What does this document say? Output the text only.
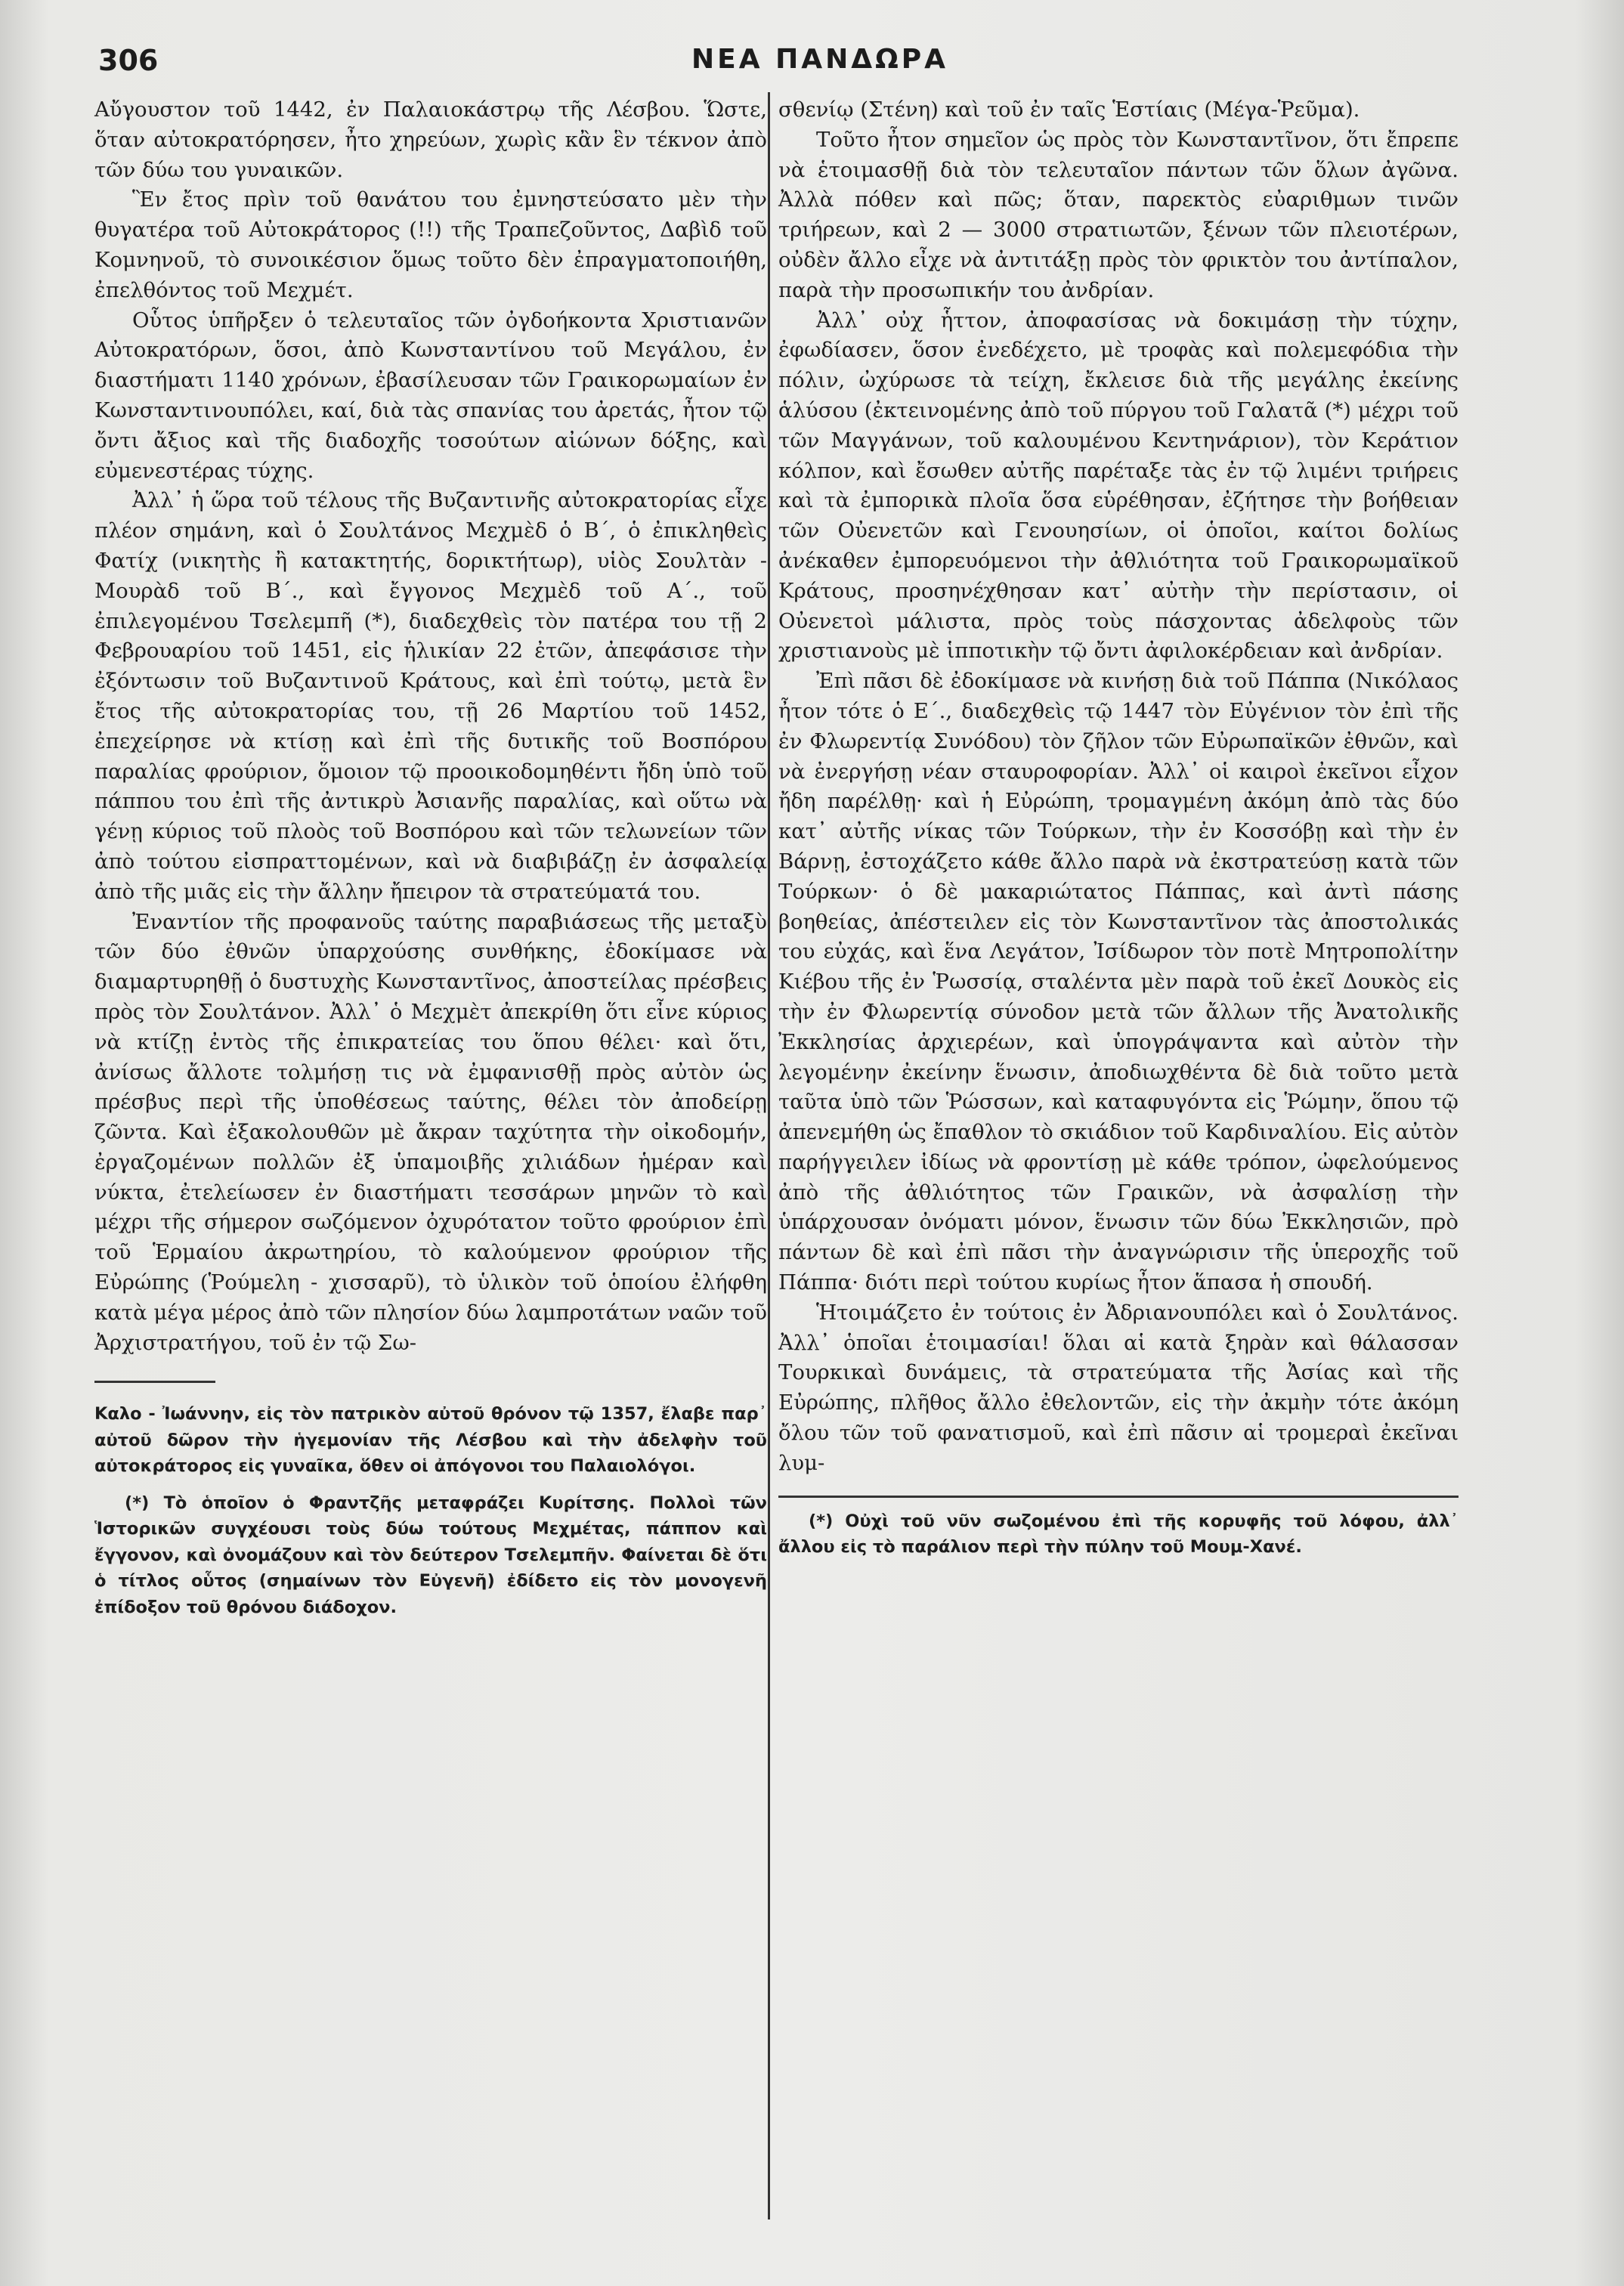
306	ΝΕΑ ΠΑΝΔΩΡΑ

Αὔγουστον τοῦ 1442, ἐν Παλαιοκάστρῳ τῆς Λέσβου. Ὥστε, ὅταν αὐτοκρατόρησεν, ἦτο χηρεύων, χωρὶς κἂν ἓν τέκνον ἀπὸ τῶν δύω του γυναικῶν.

Ἓν ἔτος πρὶν τοῦ θανάτου του ἐμνηστεύσατο μὲν τὴν θυγατέρα τοῦ Αὐτοκράτορος (!!) τῆς Τραπεζοῦντος, Δαβὶδ τοῦ Κομνηνοῦ, τὸ συνοικέσιον ὅμως τοῦτο δὲν ἐπραγματοποιήθη, ἐπελθόντος τοῦ Μεχμέτ.

Οὗτος ὑπῆρξεν ὁ τελευταῖος τῶν ὀγδοήκοντα Χριστιανῶν Αὐτοκρατόρων, ὅσοι, ἀπὸ Κωνσταντίνου τοῦ Μεγάλου, ἐν διαστήματι 1140 χρόνων, ἐβασίλευσαν τῶν Γραικορωμαίων ἐν Κωνσταντινουπόλει, καί, διὰ τὰς σπανίας του ἀρετάς, ἦτον τῷ ὄντι ἄξιος καὶ τῆς διαδοχῆς τοσούτων αἰώνων δόξης, καὶ εὐμενεστέρας τύχης.

Ἀλλ᾿ ἡ ὥρα τοῦ τέλους τῆς Βυζαντινῆς αὐτοκρατορίας εἶχε πλέον σημάνη, καὶ ὁ Σουλτάνος Μεχμὲδ ὁ Β΄, ὁ ἐπικληθεὶς Φατίχ (νικητὴς ἢ κατακτητής, δορικτήτωρ), υἱὸς Σουλτὰν - Μουρὰδ τοῦ Β΄., καὶ ἔγγονος Μεχμὲδ τοῦ Α΄., τοῦ ἐπιλεγομένου Τσελεμπῆ (*), διαδεχθεὶς τὸν πατέρα του τῇ 2 Φεβρουαρίου τοῦ 1451, εἰς ἡλικίαν 22 ἐτῶν, ἀπεφάσισε τὴν ἐξόντωσιν τοῦ Βυζαντινοῦ Κράτους, καὶ ἐπὶ τούτῳ, μετὰ ἓν ἔτος τῆς αὐτοκρατορίας του, τῇ 26 Μαρτίου τοῦ 1452, ἐπεχείρησε νὰ κτίσῃ καὶ ἐπὶ τῆς δυτικῆς τοῦ Βοσπόρου παραλίας φρούριον, ὅμοιον τῷ προοικοδομηθέντι ἤδη ὑπὸ τοῦ πάππου του ἐπὶ τῆς ἀντικρὺ Ἀσιανῆς παραλίας, καὶ οὕτω νὰ γένῃ κύριος τοῦ πλοὸς τοῦ Βοσπόρου καὶ τῶν τελωνείων τῶν ἀπὸ τούτου εἰσπραττομένων, καὶ νὰ διαβιβάζῃ ἐν ἀσφαλείᾳ ἀπὸ τῆς μιᾶς εἰς τὴν ἄλλην ἤπειρον τὰ στρατεύματά του.

Ἐναντίον τῆς προφανοῦς ταύτης παραβιάσεως τῆς μεταξὺ τῶν δύο ἐθνῶν ὑπαρχούσης συνθήκης, ἐδοκίμασε νὰ διαμαρτυρηθῇ ὁ δυστυχὴς Κωνσταντῖνος, ἀποστείλας πρέσβεις πρὸς τὸν Σουλτάνον. Ἀλλ᾿ ὁ Μεχμὲτ ἀπεκρίθη ὅτι εἶνε κύριος νὰ κτίζῃ ἐντὸς τῆς ἐπικρατείας του ὅπου θέλει· καὶ ὅτι, ἀνίσως ἄλλοτε τολμήσῃ τις νὰ ἐμφανισθῇ πρὸς αὐτὸν ὡς πρέσβυς περὶ τῆς ὑποθέσεως ταύτης, θέλει τὸν ἀποδείρῃ ζῶντα. Καὶ ἐξακολουθῶν μὲ ἄκραν ταχύτητα τὴν οἰκοδομήν, ἐργαζομένων πολλῶν ἐξ ὑπαμοιβῆς χιλιάδων ἡμέραν καὶ νύκτα, ἐτελείωσεν ἐν διαστήματι τεσσάρων μηνῶν τὸ καὶ μέχρι τῆς σήμερον σωζόμενον ὀχυρότατον τοῦτο φρούριον ἐπὶ τοῦ Ἑρμαίου ἀκρωτηρίου, τὸ καλούμενον φρούριον τῆς Εὐρώπης (Ῥούμελη - χισσαρῦ), τὸ ὑλικὸν τοῦ ὁποίου ἐλήφθη κατὰ μέγα μέρος ἀπὸ τῶν πλησίον δύω λαμπροτάτων ναῶν τοῦ Ἀρχιστρατήγου, τοῦ ἐν τῷ Σω-

Καλο - Ἰωάννην, εἰς τὸν πατρικὸν αὐτοῦ θρόνον τῷ 1357, ἔλαβε παρ᾿ αὐτοῦ δῶρον τὴν ἡγεμονίαν τῆς Λέσβου καὶ τὴν ἀδελφὴν τοῦ αὐτοκράτορος εἰς γυναῖκα, ὅθεν οἱ ἀπόγονοι του Παλαιολόγοι.

(*) Τὸ ὁποῖον ὁ Φραντζῆς μεταφράζει Κυρίτσης. Πολλοὶ τῶν Ἱστορικῶν συγχέουσι τοὺς δύω τούτους Μεχμέτας, πάππον καὶ ἔγγονον, καὶ ὀνομάζουν καὶ τὸν δεύτερον Τσελεμπῆν. Φαίνεται δὲ ὅτι ὁ τίτλος οὗτος (σημαίνων τὸν Εὐγενῆ) ἐδίδετο εἰς τὸν μονογενῆ ἐπίδοξον τοῦ θρόνου διάδοχον.

σθενίῳ (Στένη) καὶ τοῦ ἐν ταῖς Ἑστίαις (Μέγα-Ῥεῦμα).

Τοῦτο ἦτον σημεῖον ὡς πρὸς τὸν Κωνσταντῖνον, ὅτι ἔπρεπε νὰ ἑτοιμασθῇ διὰ τὸν τελευταῖον πάντων τῶν ὅλων ἀγῶνα. Ἀλλὰ πόθεν καὶ πῶς; ὅταν, παρεκτὸς εὐαριθμων τινῶν τριήρεων, καὶ 2 — 3000 στρατιωτῶν, ξένων τῶν πλειοτέρων, οὐδὲν ἄλλο εἶχε νὰ ἀντιτάξῃ πρὸς τὸν φρικτὸν του ἀντίπαλον, παρὰ τὴν προσωπικήν του ἀνδρίαν.

Ἀλλ᾿ οὐχ ἧττον, ἀποφασίσας νὰ δοκιμάσῃ τὴν τύχην, ἐφωδίασεν, ὅσον ἐνεδέχετο, μὲ τροφὰς καὶ πολεμεφόδια τὴν πόλιν, ὠχύρωσε τὰ τείχη, ἔκλεισε διὰ τῆς μεγάλης ἐκείνης ἁλύσου (ἐκτεινομένης ἀπὸ τοῦ πύργου τοῦ Γαλατᾶ (*) μέχρι τοῦ τῶν Μαγγάνων, τοῦ καλουμένου Κεντηνάριον), τὸν Κεράτιον κόλπον, καὶ ἔσωθεν αὐτῆς παρέταξε τὰς ἐν τῷ λιμένι τριήρεις καὶ τὰ ἐμπορικὰ πλοῖα ὅσα εὑρέθησαν, ἐζήτησε τὴν βοήθειαν τῶν Οὐενετῶν καὶ Γενουησίων, οἱ ὁποῖοι, καίτοι δολίως ἀνέκαθεν ἐμπορευόμενοι τὴν ἀθλιότητα τοῦ Γραικορωμαϊκοῦ Κράτους, προσηνέχθησαν κατ᾿ αὐτὴν τὴν περίστασιν, οἱ Οὐενετοὶ μάλιστα, πρὸς τοὺς πάσχοντας ἀδελφοὺς τῶν χριστιανοὺς μὲ ἱπποτικὴν τῷ ὄντι ἀφιλοκέρδειαν καὶ ἀνδρίαν.

Ἐπὶ πᾶσι δὲ ἐδοκίμασε νὰ κινήσῃ διὰ τοῦ Πάππα (Νικόλαος ἦτον τότε ὁ Ε΄., διαδεχθεὶς τῷ 1447 τὸν Εὐγένιον τὸν ἐπὶ τῆς ἐν Φλωρεντίᾳ Συνόδου) τὸν ζῆλον τῶν Εὐρωπαϊκῶν ἐθνῶν, καὶ νὰ ἐνεργήσῃ νέαν σταυροφορίαν. Ἀλλ᾿ οἱ καιροὶ ἐκεῖνοι εἶχον ἤδη παρέλθῃ· καὶ ἡ Εὐρώπη, τρομαγμένη ἀκόμη ἀπὸ τὰς δύο κατ᾿ αὐτῆς νίκας τῶν Τούρκων, τὴν ἐν Κοσσόβῃ καὶ τὴν ἐν Βάρνῃ, ἐστοχάζετο κάθε ἄλλο παρὰ νὰ ἐκστρατεύσῃ κατὰ τῶν Τούρκων· ὁ δὲ μακαριώτατος Πάππας, καὶ ἀντὶ πάσης βοηθείας, ἀπέστειλεν εἰς τὸν Κωνσταντῖνον τὰς ἀποστολικάς του εὐχάς, καὶ ἕνα Λεγάτον, Ἰσίδωρον τὸν ποτὲ Μητροπολίτην Κιέβου τῆς ἐν Ῥωσσίᾳ, σταλέντα μὲν παρὰ τοῦ ἐκεῖ Δουκὸς εἰς τὴν ἐν Φλωρεντίᾳ σύνοδον μετὰ τῶν ἄλλων τῆς Ἀνατολικῆς Ἐκκλησίας ἀρχιερέων, καὶ ὑπογράψαντα καὶ αὐτὸν τὴν λεγομένην ἐκείνην ἕνωσιν, ἀποδιωχθέντα δὲ διὰ τοῦτο μετὰ ταῦτα ὑπὸ τῶν Ῥώσσων, καὶ καταφυγόντα εἰς Ῥώμην, ὅπου τῷ ἀπενεμήθη ὡς ἔπαθλον τὸ σκιάδιον τοῦ Καρδιναλίου. Εἰς αὐτὸν παρήγγειλεν ἰδίως νὰ φροντίσῃ μὲ κάθε τρόπον, ὠφελούμενος ἀπὸ τῆς ἀθλιότητος τῶν Γραικῶν, νὰ ἀσφαλίσῃ τὴν ὑπάρχουσαν ὀνόματι μόνον, ἕνωσιν τῶν δύω Ἐκκλησιῶν, πρὸ πάντων δὲ καὶ ἐπὶ πᾶσι τὴν ἀναγνώρισιν τῆς ὑπεροχῆς τοῦ Πάππα· διότι περὶ τούτου κυρίως ἦτον ἅπασα ἡ σπουδή.

Ἡτοιμάζετο ἐν τούτοις ἐν Ἀδριανουπόλει καὶ ὁ Σουλτάνος. Ἀλλ᾿ ὁποῖαι ἑτοιμασίαι! ὅλαι αἱ κατὰ ξηρὰν καὶ θάλασσαν Τουρκικαὶ δυνάμεις, τὰ στρατεύματα τῆς Ἀσίας καὶ τῆς Εὐρώπης, πλῆθος ἄλλο ἐθελοντῶν, εἰς τὴν ἀκμὴν τότε ἀκόμη ὄλου τῶν τοῦ φανατισμοῦ, καὶ ἐπὶ πᾶσιν αἱ τρομεραὶ ἐκεῖναι λυμ-

(*) Οὐχὶ τοῦ νῦν σωζομένου ἐπὶ τῆς κορυφῆς τοῦ λόφου, ἀλλ᾿ ἄλλου εἰς τὸ παράλιον περὶ τὴν πύλην τοῦ Μουμ-Χανέ.
